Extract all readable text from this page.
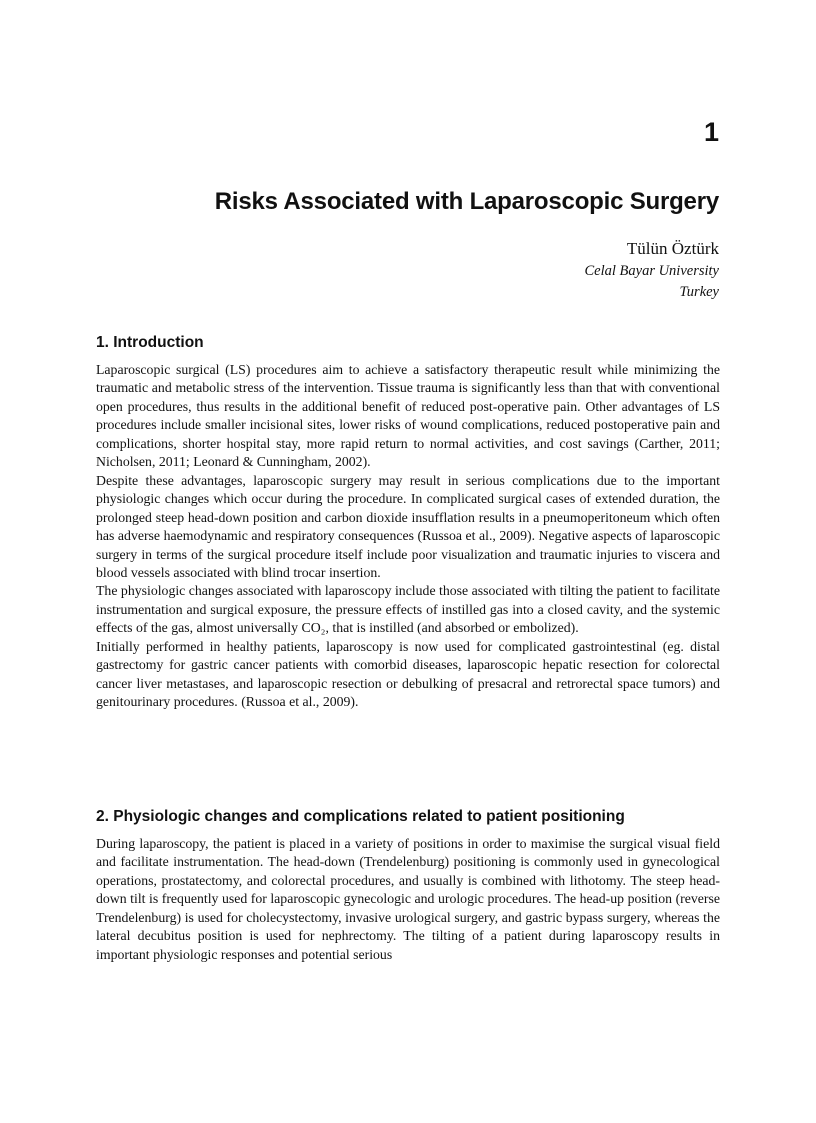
1
Risks Associated with Laparoscopic Surgery
Tülün Öztürk
Celal Bayar University
Turkey
1. Introduction

Laparoscopic surgical (LS) procedures aim to achieve a satisfactory therapeutic result while minimizing the traumatic and metabolic stress of the intervention. Tissue trauma is significantly less than that with conventional open procedures, thus results in the additional benefit of reduced post-operative pain. Other advantages of LS procedures include smaller incisional sites, lower risks of wound complications, reduced postoperative pain and complications, shorter hospital stay, more rapid return to normal activities, and cost savings (Carther, 2011; Nicholsen, 2011; Leonard & Cunningham, 2002).

Despite these advantages, laparoscopic surgery may result in serious complications due to the important physiologic changes which occur during the procedure. In complicated surgical cases of extended duration, the prolonged steep head-down position and carbon dioxide insufflation results in a pneumoperitoneum which often has adverse haemodynamic and respiratory consequences (Russoa et al., 2009). Negative aspects of laparoscopic surgery in terms of the surgical procedure itself include poor visualization and traumatic injuries to viscera and blood vessels associated with blind trocar insertion.

The physiologic changes associated with laparoscopy include those associated with tilting the patient to facilitate instrumentation and surgical exposure, the pressure effects of instilled gas into a closed cavity, and the systemic effects of the gas, almost universally CO₂, that is instilled (and absorbed or embolized).

Initially performed in healthy patients, laparoscopy is now used for complicated gastrointestinal (eg. distal gastrectomy for gastric cancer patients with comorbid diseases, laparoscopic hepatic resection for colorectal cancer liver metastases, and laparoscopic resection or debulking of presacral and retrorectal space tumors) and genitourinary procedures. (Russoa et al., 2009).

2. Physiologic changes and complications related to patient positioning

During laparoscopy, the patient is placed in a variety of positions in order to maximise the surgical visual field and facilitate instrumentation. The head-down (Trendelenburg) positioning is commonly used in gynecological operations, prostatectomy, and colorectal procedures, and usually is combined with lithotomy. The steep head-down tilt is frequently used for laparoscopic gynecologic and urologic procedures. The head-up position (reverse Trendelenburg) is used for cholecystectomy, invasive urological surgery, and gastric bypass surgery, whereas the lateral decubitus position is used for nephrectomy. The tilting of a patient during laparoscopy results in important physiologic responses and potential serious
